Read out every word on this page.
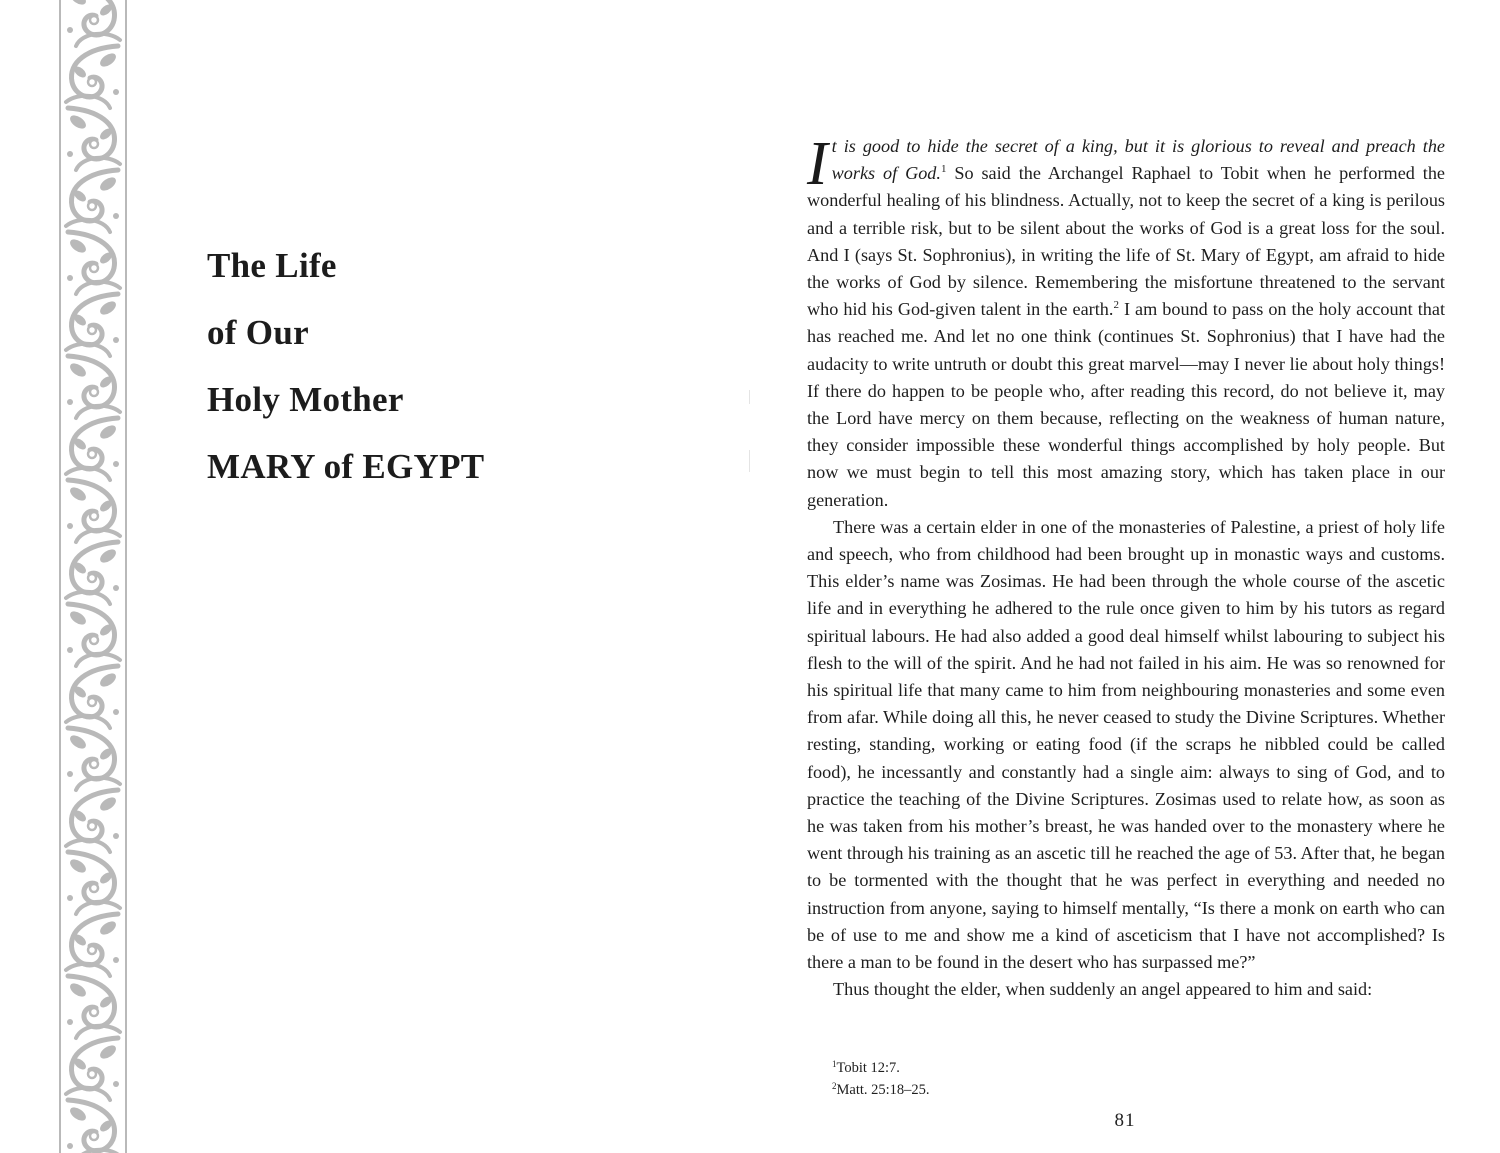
The Life
of Our
Holy Mother
MARY of EGYPT

It is good to hide the secret of a king, but it is glorious to reveal and preach the works of God.$^1$ So said the Archangel Raphael to Tobit when he performed the wonderful healing of his blindness. Actually, not to keep the secret of a king is perilous and a terrible risk, but to be silent about the works of God is a great loss for the soul. And I (says St. Sophronius), in writing the life of St. Mary of Egypt, am afraid to hide the works of God by silence. Remembering the misfortune threatened to the servant who hid his God-given talent in the earth.$^2$ I am bound to pass on the holy account that has reached me. And let no one think (continues St. Sophronius) that I have had the audacity to write untruth or doubt this great marvel—may I never lie about holy things! If there do happen to be people who, after reading this record, do not believe it, may the Lord have mercy on them because, reflecting on the weakness of human nature, they consider impossible these wonderful things accomplished by holy people. But now we must begin to tell this most amazing story, which has taken place in our generation.

There was a certain elder in one of the monasteries of Palestine, a priest of holy life and speech, who from childhood had been brought up in monastic ways and customs. This elder’s name was Zosimas. He had been through the whole course of the ascetic life and in everything he adhered to the rule once given to him by his tutors as regard spiritual labours. He had also added a good deal himself whilst labouring to subject his flesh to the will of the spirit. And he had not failed in his aim. He was so renowned for his spiritual life that many came to him from neighbouring monasteries and some even from afar. While doing all this, he never ceased to study the Divine Scriptures. Whether resting, standing, working or eating food (if the scraps he nibbled could be called food), he incessantly and constantly had a single aim: always to sing of God, and to practice the teaching of the Divine Scriptures. Zosimas used to relate how, as soon as he was taken from his mother’s breast, he was handed over to the monastery where he went through his training as an ascetic till he reached the age of 53. After that, he began to be tormented with the thought that he was perfect in everything and needed no instruction from anyone, saying to himself mentally, “Is there a monk on earth who can be of use to me and show me a kind of asceticism that I have not accomplished? Is there a man to be found in the desert who has surpassed me?”

Thus thought the elder, when suddenly an angel appeared to him and said:

$^1$Tobit 12:7.
$^2$Matt. 25:18–25.
81
